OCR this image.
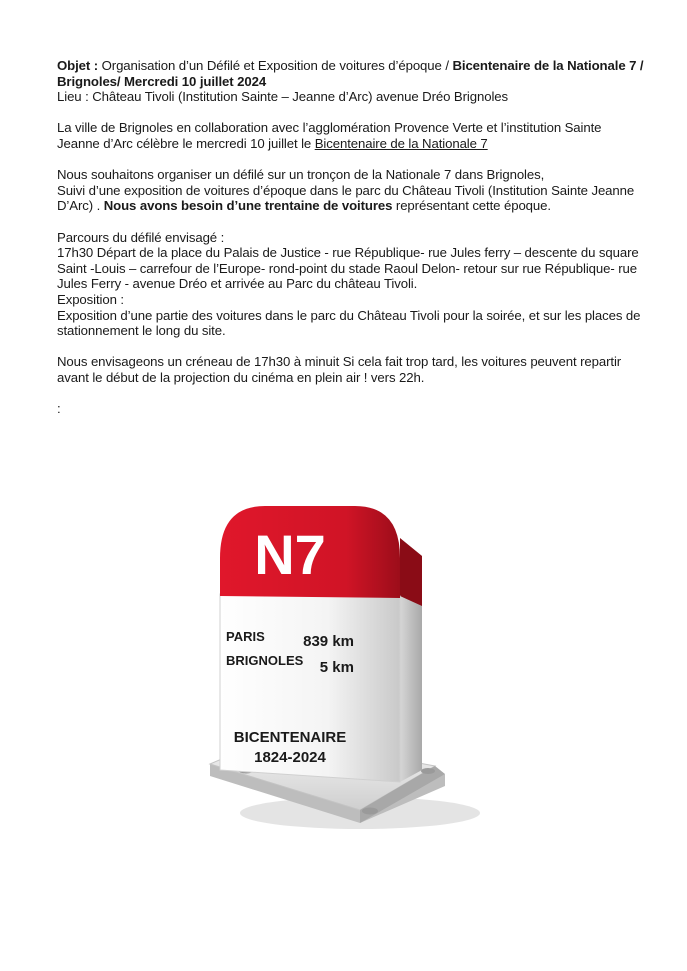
Objet : Organisation d’un Défilé et Exposition de voitures d’époque / Bicentenaire de la Nationale 7 / Brignoles/ Mercredi 10 juillet 2024

Lieu : Château Tivoli (Institution Sainte – Jeanne d’Arc) avenue Dréo Brignoles

La ville de Brignoles en collaboration avec l’agglomération Provence Verte et l’institution Sainte Jeanne d’Arc célèbre le mercredi 10 juillet le Bicentenaire de la Nationale 7

Nous souhaitons organiser un défilé sur un tronçon de la Nationale 7 dans Brignoles,

Suivi d’une exposition de voitures d’époque dans le parc du Château Tivoli (Institution Sainte Jeanne D’Arc) . Nous avons besoin d’une trentaine de voitures représentant cette époque.

Parcours du défilé envisagé :

17h30 Départ de la place du Palais de Justice - rue République- rue Jules ferry – descente du square Saint -Louis – carrefour de l’Europe- rond-point du stade Raoul Delon- retour sur rue République- rue Jules Ferry - avenue Dréo et arrivée au Parc du château Tivoli.

Exposition :

Exposition d’une partie des voitures dans le parc du Château Tivoli pour la soirée, et sur les places de stationnement le long du site.

Nous envisageons un créneau de 17h30 à minuit Si cela fait trop tard, les voitures peuvent repartir avant le début de la projection du cinéma en plein air ! vers 22h.

:

N7
PARIS	839 km
BRIGNOLES 5 km
BICENTENAIRE
1824-2024
